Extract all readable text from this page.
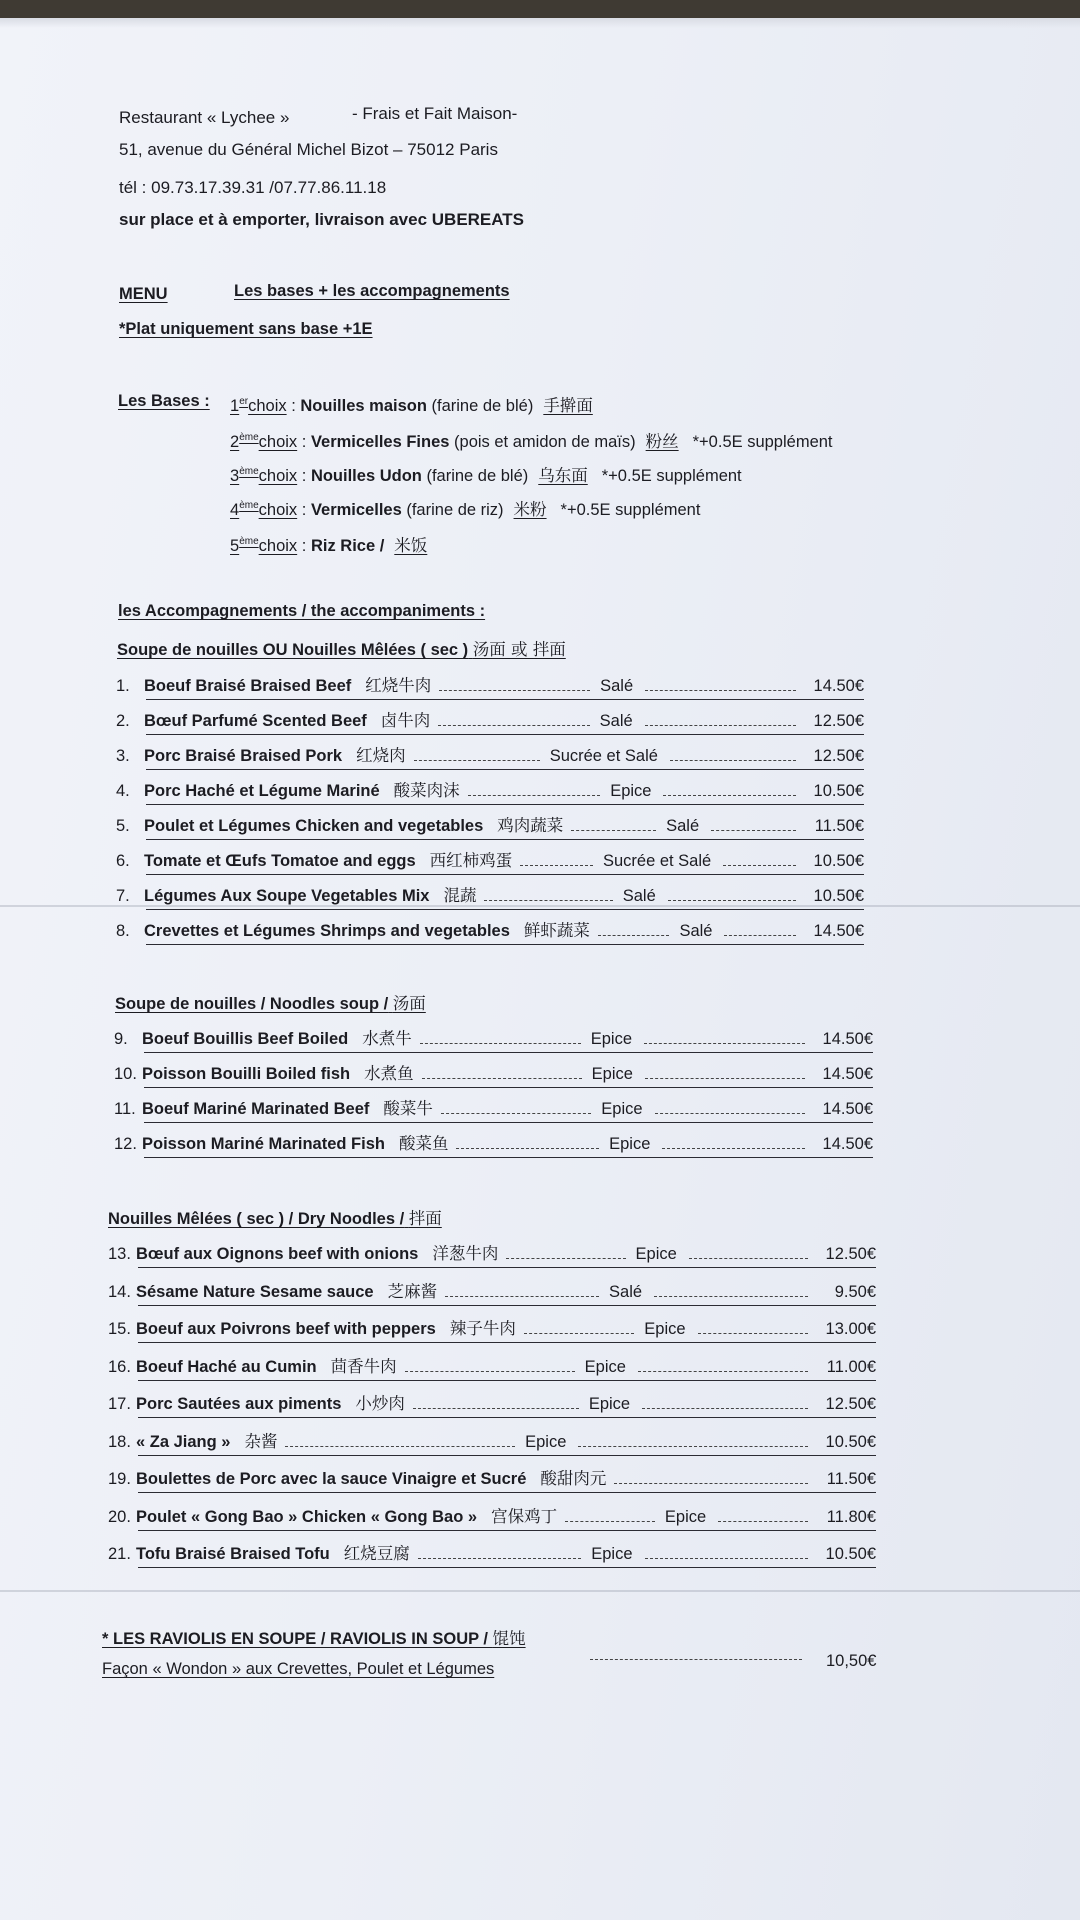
Restaurant « Lychee »	- Frais et Fait Maison-
51, avenue du Général Michel Bizot – 75012 Paris
tél : 09.73.17.39.31 /07.77.86.11.18
sur place et à emporter, livraison avec UBEREATS
MENU	Les bases + les accompagnements
*Plat uniquement sans base +1E
Les Bases : 1erchoix : Nouilles maison (farine de blé) 手擀面
2èmechoix : Vermicelles Fines (pois et amidon de maïs) 粉丝 *+0.5E supplément
3èmechoix : Nouilles Udon (farine de blé) 乌东面 *+0.5E supplément
4èmechoix : Vermicelles (farine de riz) 米粉 *+0.5E supplément
5èmechoix : Riz Rice / 米饭
les Accompagnements / the accompaniments :
Soupe de nouilles OU Nouilles Mêlées ( sec ) 汤面 或 拌面
1. Boeuf Braisé Braised Beef 红烧牛肉	Salé	14.50€
2. Bœuf Parfumé Scented Beef 卤牛肉	Salé	12.50€
3. Porc Braisé Braised Pork 红烧肉	Sucrée et Salé	12.50€
4. Porc Haché et Légume Mariné 酸菜肉沫	Epice	10.50€
5. Poulet et Légumes Chicken and vegetables 鸡肉蔬菜	Salé	11.50€
6. Tomate et Œufs Tomatoe and eggs 西红柿鸡蛋	Sucrée et Salé	10.50€
7. Légumes Aux Soupe Vegetables Mix 混蔬	Salé	10.50€
8. Crevettes et Légumes Shrimps and vegetables 鲜虾蔬菜	Salé	14.50€
Soupe de nouilles / Noodles soup / 汤面
9. Boeuf Bouillis Beef Boiled 水煮牛	Epice	14.50€
10. Poisson Bouilli Boiled fish 水煮鱼	Epice	14.50€
11. Boeuf Mariné Marinated Beef 酸菜牛	Epice	14.50€
12. Poisson Mariné Marinated Fish 酸菜鱼	Epice	14.50€
Nouilles Mêlées ( sec ) / Dry Noodles / 拌面
13. Bœuf aux Oignons beef with onions 洋葱牛肉	Epice	12.50€
14. Sésame Nature Sesame sauce 芝麻酱	Salé	9.50€
15. Boeuf aux Poivrons beef with peppers 辣子牛肉	Epice	13.00€
16. Boeuf Haché au Cumin 茴香牛肉	Epice	11.00€
17. Porc Sautées aux piments 小炒肉	Epice	12.50€
18. « Za Jiang » 杂酱	Epice	10.50€
19. Boulettes de Porc avec la sauce Vinaigre et Sucré 酸甜肉元	11.50€
20. Poulet « Gong Bao » Chicken « Gong Bao » 宫保鸡丁	Epice	11.80€
21. Tofu Braisé Braised Tofu 红烧豆腐	Epice	10.50€
* LES RAVIOLIS EN SOUPE / RAVIOLIS IN SOUP / 馄饨
Façon « Wondon » aux Crevettes, Poulet et Légumes	10,50€
